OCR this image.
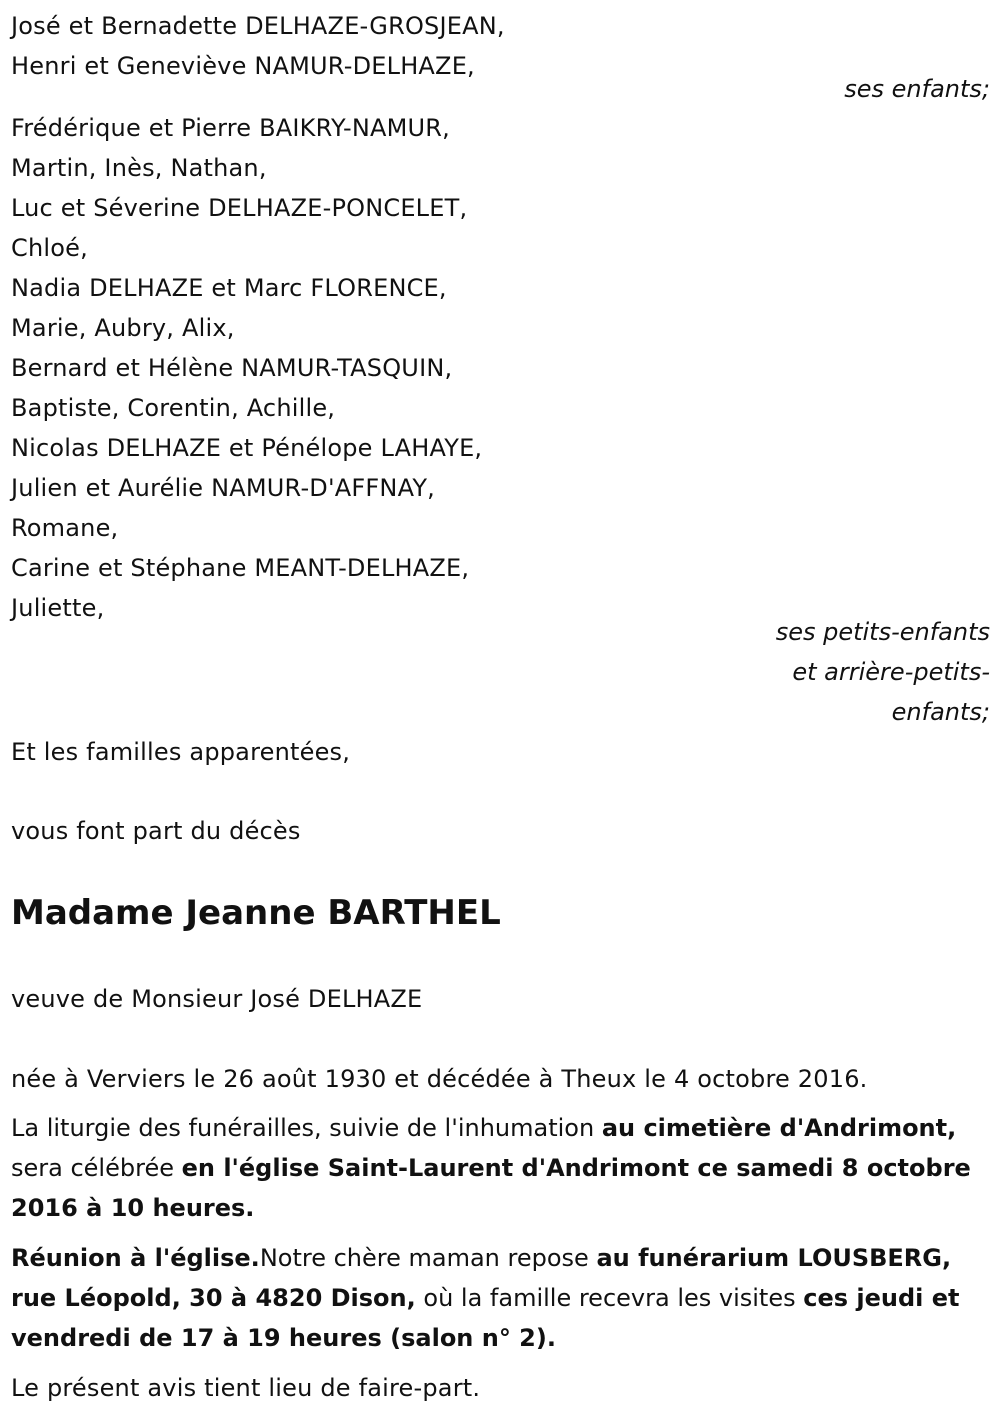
José et Bernadette DELHAZE-GROSJEAN,
Henri et Geneviève NAMUR-DELHAZE,
ses enfants;
Frédérique et Pierre BAIKRY-NAMUR,
Martin, Inès, Nathan,
Luc et Séverine DELHAZE-PONCELET,
Chloé,
Nadia DELHAZE et Marc FLORENCE,
Marie, Aubry, Alix,
Bernard et Hélène NAMUR-TASQUIN,
Baptiste, Corentin, Achille,
Nicolas DELHAZE et Pénélope LAHAYE,
Julien et Aurélie NAMUR-D'AFFNAY,
Romane,
Carine et Stéphane MEANT-DELHAZE,
Juliette,
ses petits-enfants
et arrière-petits-
enfants;
Et les familles apparentées,
vous font part du décès
Madame Jeanne BARTHEL
veuve de Monsieur José DELHAZE
née à Verviers le 26 août 1930 et décédée à Theux le 4 octobre 2016.
La liturgie des funérailles, suivie de l'inhumation au cimetière d'Andrimont, sera célébrée en l'église Saint-Laurent d'Andrimont ce samedi 8 octobre 2016 à 10 heures.
Réunion à l'église.Notre chère maman repose au funérarium LOUSBERG, rue Léopold, 30 à 4820 Dison, où la famille recevra les visites ces jeudi et vendredi de 17 à 19 heures (salon n° 2).
Le présent avis tient lieu de faire-part.
